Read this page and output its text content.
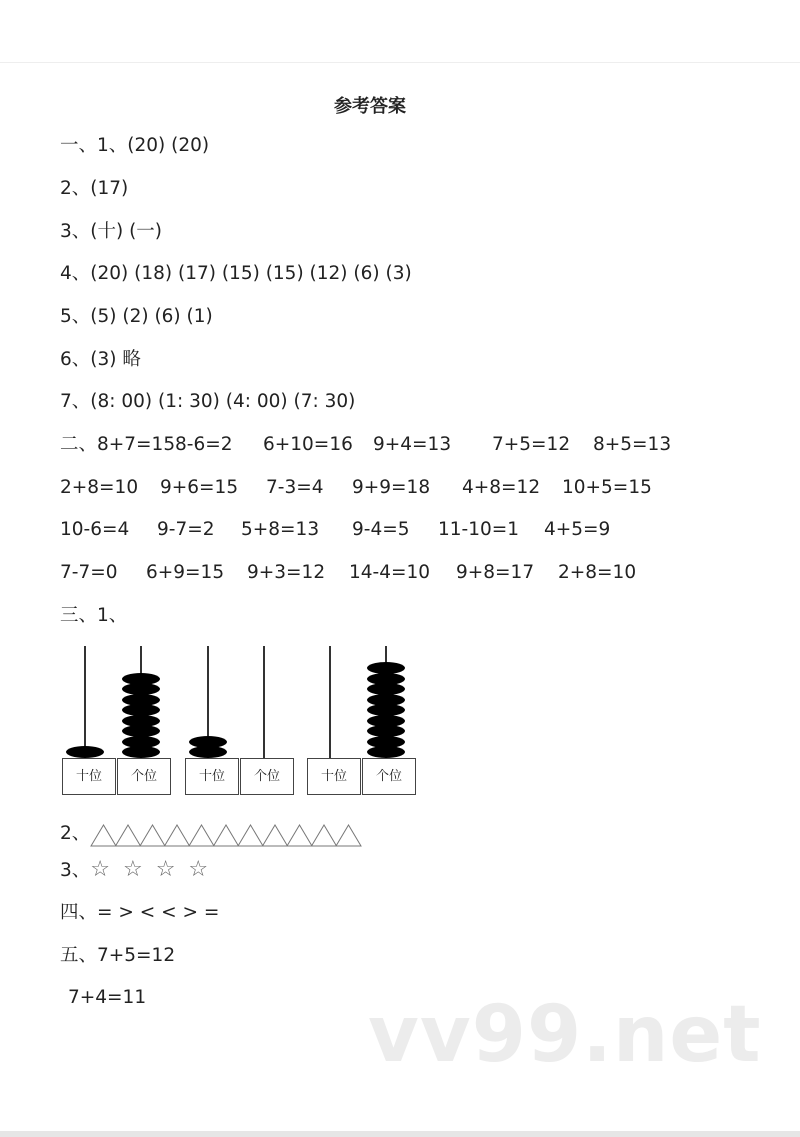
参考答案
一、1、(20) (20)
2、(17)
3、(十) (一)
4、(20) (18) (17) (15) (15) (12) (6) (3)
5、(5) (2) (6) (1)
6、(3) 略
7、(8: 00) (1: 30) (4: 00) (7: 30)
二、 8+7=15 8-6=2 6+10=16 9+4=13 7+5=12 8+5=13
2+8=10 9+6=15 7-3=4 9+9=18 4+8=12 10+5=15
10-6=4 9-7=2 5+8=13 9-4=5 11-10=1 4+5=9
7-7=0 6+9=15 9+3=12 14-4=10 9+8=17 2+8=10
三、1、
十位	个位	十位	个位	十位	个位
2、
3、☆ ☆ ☆ ☆
四、= > < < > =
五、7+5=12
7+4=11	vv99.net
